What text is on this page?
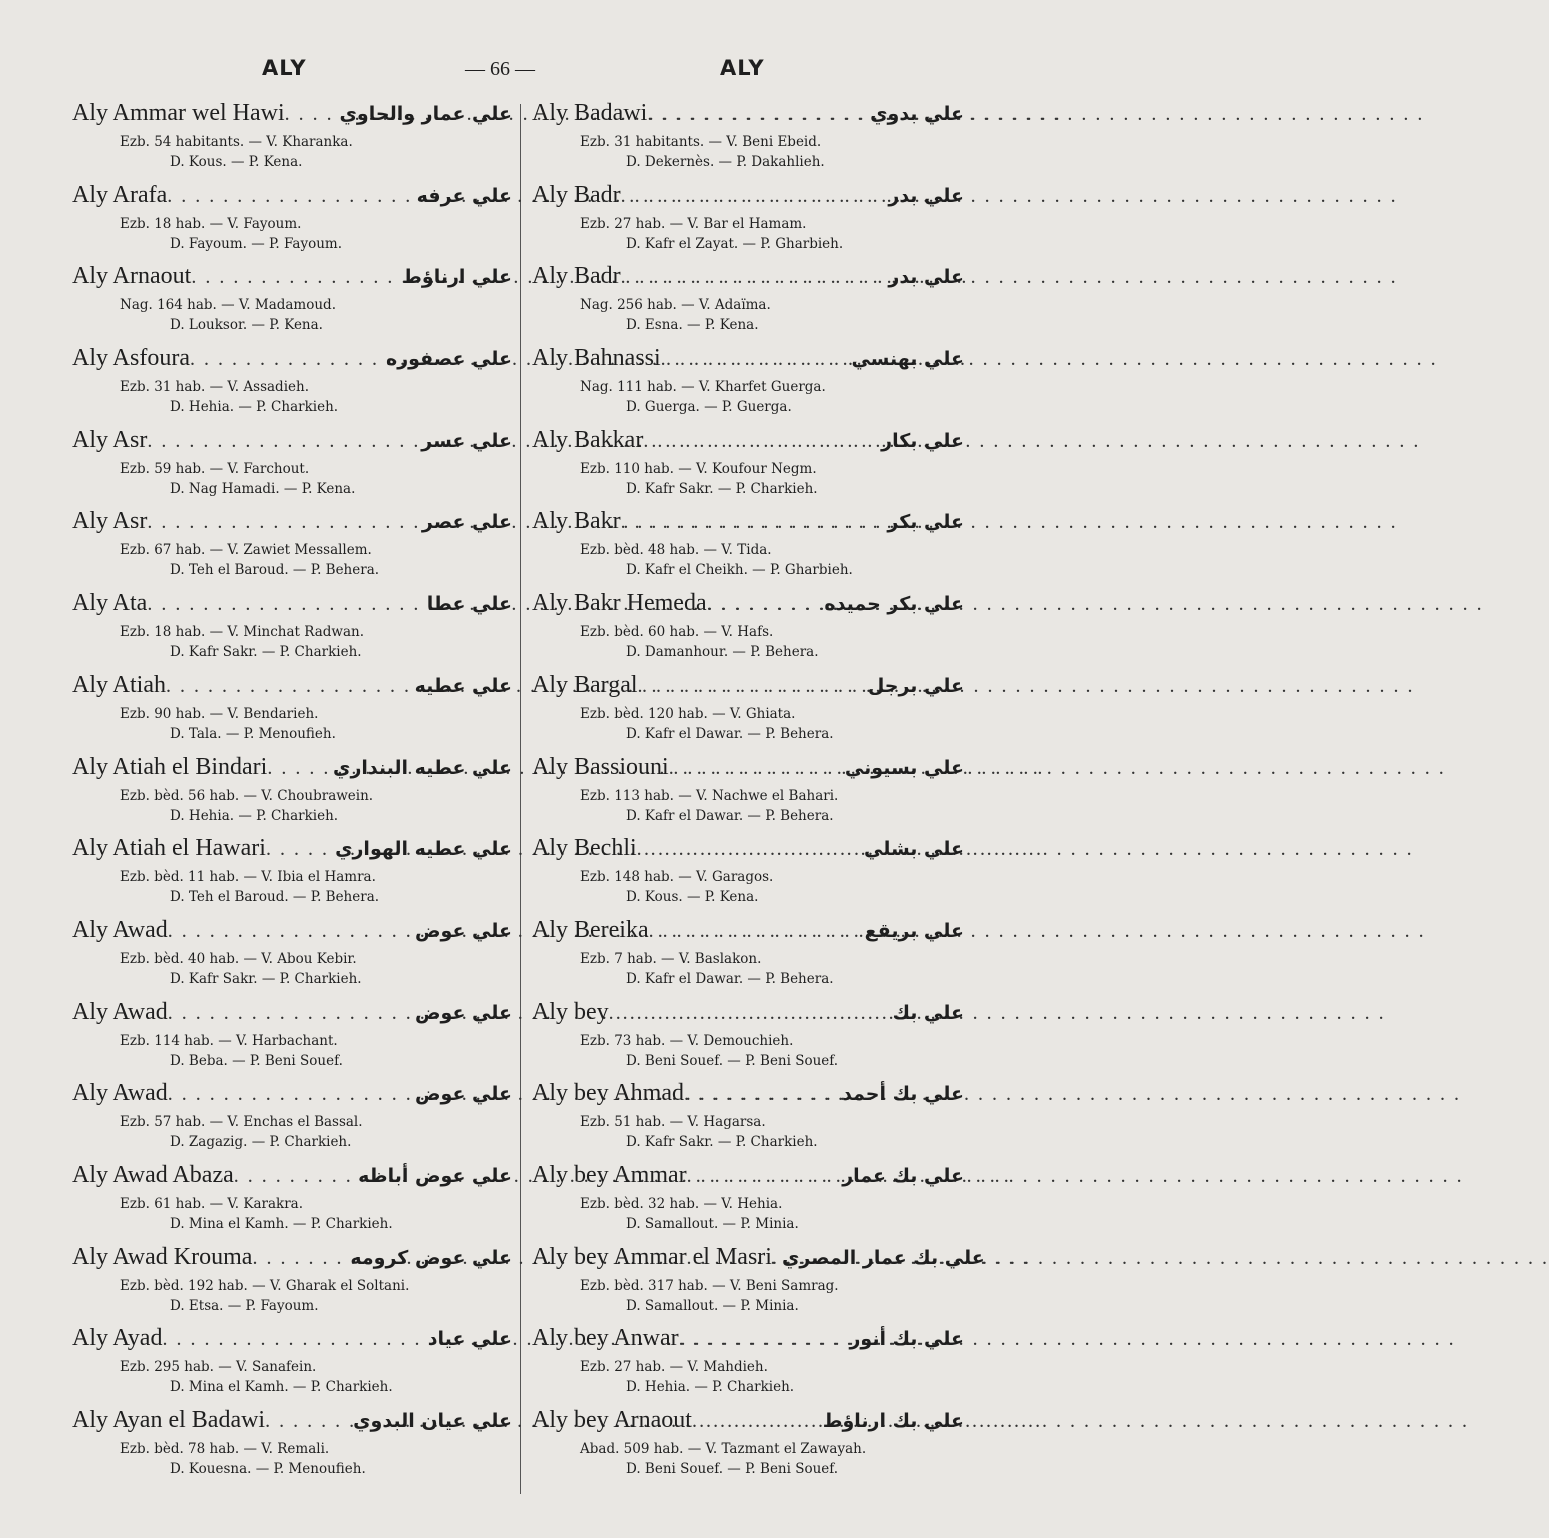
ALY	— 66 —	ALY
Aly Ammar wel Hawi . . .	علي عمار والحاوي
Ezb. 54 habitants. — V. Kharanka.
D. Kous. — P. Kena.
Aly Arafa . . .	علي عرفه
Ezb. 18 hab. — V. Fayoum.
D. Fayoum. — P. Fayoum.
Aly Arnaout . . .	علي ارناؤط
Nag. 164 hab. — V. Madamoud.
D. Louksor. — P. Kena.
Aly Asfoura . . .	علي عصفوره
Ezb. 31 hab. — V. Assadieh.
D. Hehia. — P. Charkieh.
Aly Asr . . .	علي عسر
Ezb. 59 hab. — V. Farchout.
D. Nag Hamadi. — P. Kena.
Aly Asr . . .	علي عصر
Ezb. 67 hab. — V. Zawiet Messallem.
D. Teh el Baroud. — P. Behera.
Aly Ata . . .	علي عطا
Ezb. 18 hab. — V. Minchat Radwan.
D. Kafr Sakr. — P. Charkieh.
Aly Atiah . . .	علي عطيه
Ezb. 90 hab. — V. Bendarieh.
D. Tala. — P. Menoufieh.
Aly Atiah el Bindari . . .	علي عطيه البنداري
Ezb. bèd. 56 hab. — V. Choubrawein.
D. Hehia. — P. Charkieh.
Aly Atiah el Hawari . . .	علي عطيه الهواري
Ezb. bèd. 11 hab. — V. Ibia el Hamra.
D. Teh el Baroud. — P. Behera.
Aly Awad . . .	علي عوض
Ezb. bèd. 40 hab. — V. Abou Kebir.
D. Kafr Sakr. — P. Charkieh.
Aly Awad . . .	علي عوض
Ezb. 114 hab. — V. Harbachant.
D. Beba. — P. Beni Souef.
Aly Awad . . .	علي عوض
Ezb. 57 hab. — V. Enchas el Bassal.
D. Zagazig. — P. Charkieh.
Aly Awad Abaza . . .	علي عوض أباظه
Ezb. 61 hab. — V. Karakra.
D. Mina el Kamh. — P. Charkieh.
Aly Awad Krouma . . .	علي عوض كرومه
Ezb. bèd. 192 hab. — V. Gharak el Soltani.
D. Etsa. — P. Fayoum.
Aly Ayad . . .	علي عياد
Ezb. 295 hab. — V. Sanafein.
D. Mina el Kamh. — P. Charkieh.
Aly Ayan el Badawi . . .	علي عيان البدوي
Ezb. bèd. 78 hab. — V. Remali.
D. Kouesna. — P. Menoufieh.
Aly Badawi . . .	علي بدوي
Ezb. 31 habitants. — V. Beni Ebeid.
D. Dekernès. — P. Dakahlieh.
Aly Badr . . .	علي بدر
Ezb. 27 hab. — V. Bar el Hamam.
D. Kafr el Zayat. — P. Gharbieh.
Aly Badr . . .	علي بدر
Nag. 256 hab. — V. Adaïma.
D. Esna. — P. Kena.
Aly Bahnassi . . .	علي بهنسي
Nag. 111 hab. — V. Kharfet Guerga.
D. Guerga. — P. Guerga.
Aly Bakkar . . .	علي بكار
Ezb. 110 hab. — V. Koufour Negm.
D. Kafr Sakr. — P. Charkieh.
Aly Bakr . . .	علي بكر
Ezb. bèd. 48 hab. — V. Tida.
D. Kafr el Cheikh. — P. Gharbieh.
Aly Bakr Hemeda . . .	علي بكر حميده
Ezb. bèd. 60 hab. — V. Hafs.
D. Damanhour. — P. Behera.
Aly Bargal . . .	علي برجل
Ezb. bèd. 120 hab. — V. Ghiata.
D. Kafr el Dawar. — P. Behera.
Aly Bassiouni . . .	علي بسيوني
Ezb. 113 hab. — V. Nachwe el Bahari.
D. Kafr el Dawar. — P. Behera.
Aly Bechli . . .	علي بشلي
Ezb. 148 hab. — V. Garagos.
D. Kous. — P. Kena.
Aly Bereika . . .	علي بريقع
Ezb. 7 hab. — V. Baslakon.
D. Kafr el Dawar. — P. Behera.
Aly bey . . .	علي بك
Ezb. 73 hab. — V. Demouchieh.
D. Beni Souef. — P. Beni Souef.
Aly bey Ahmad . . .	علي بك أحمد
Ezb. 51 hab. — V. Hagarsa.
D. Kafr Sakr. — P. Charkieh.
Aly bey Ammar . . .	علي بك عمار
Ezb. bèd. 32 hab. — V. Hehia.
D. Samallout. — P. Minia.
Aly bey Ammar el Masri . . . علي بك عمار المصري
Ezb. bèd. 317 hab. — V. Beni Samrag.
D. Samallout. — P. Minia.
Aly bey Anwar . . .	علي بك أنور
Ezb. 27 hab. — V. Mahdieh.
D. Hehia. — P. Charkieh.
Aly bey Arnaout . . .	علي بك ارناؤط
Abad. 509 hab. — V. Tazmant el Zawayah.
D. Beni Souef. — P. Beni Souef.
